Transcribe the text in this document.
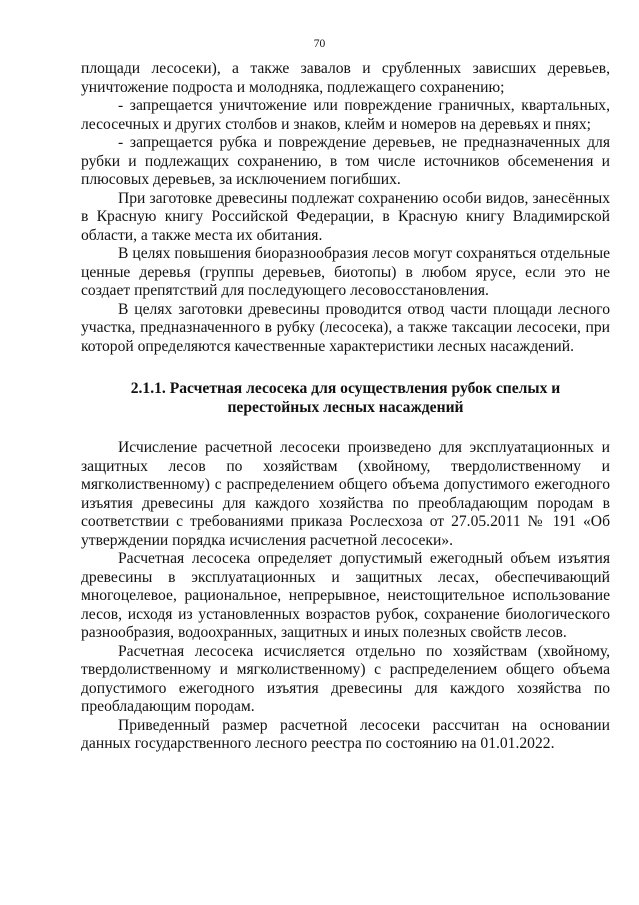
70

площади лесосеки), а также завалов и срубленных зависших деревьев, уничтожение подроста и молодняка, подлежащего сохранению;

- запрещается уничтожение или повреждение граничных, квартальных, лесосечных и других столбов и знаков, клейм и номеров на деревьях и пнях;

- запрещается рубка и повреждение деревьев, не предназначенных для рубки и подлежащих сохранению, в том числе источников обсеменения и плюсовых деревьев, за исключением погибших.

При заготовке древесины подлежат сохранению особи видов, занесённых в Красную книгу Российской Федерации, в Красную книгу Владимирской области, а также места их обитания.

В целях повышения биоразнообразия лесов могут сохраняться отдельные ценные деревья (группы деревьев, биотопы) в любом ярусе, если это не создает препятствий для последующего лесовосстановления.

В целях заготовки древесины проводится отвод части площади лесного участка, предназначенного в рубку (лесосека), а также таксации лесосеки, при которой определяются качественные характеристики лесных насаждений.

2.1.1. Расчетная лесосека для осуществления рубок спелых и
перестойных лесных насаждений

Исчисление расчетной лесосеки произведено для эксплуатационных и защитных лесов по хозяйствам (хвойному, твердолиственному и мягколиственному) с распределением общего объема допустимого ежегодного изъятия древесины для каждого хозяйства по преобладающим породам в соответствии с требованиями приказа Рослесхоза от 27.05.2011 № 191 «Об утверждении порядка исчисления расчетной лесосеки».

Расчетная лесосека определяет допустимый ежегодный объем изъятия древесины в эксплуатационных и защитных лесах, обеспечивающий многоцелевое, рациональное, непрерывное, неистощительное использование лесов, исходя из установленных возрастов рубок, сохранение биологического разнообразия, водоохранных, защитных и иных полезных свойств лесов.

Расчетная лесосека исчисляется отдельно по хозяйствам (хвойному, твердолиственному и мягколиственному) с распределением общего объема допустимого ежегодного изъятия древесины для каждого хозяйства по преобладающим породам.

Приведенный размер расчетной лесосеки рассчитан на основании данных государственного лесного реестра по состоянию на 01.01.2022.
